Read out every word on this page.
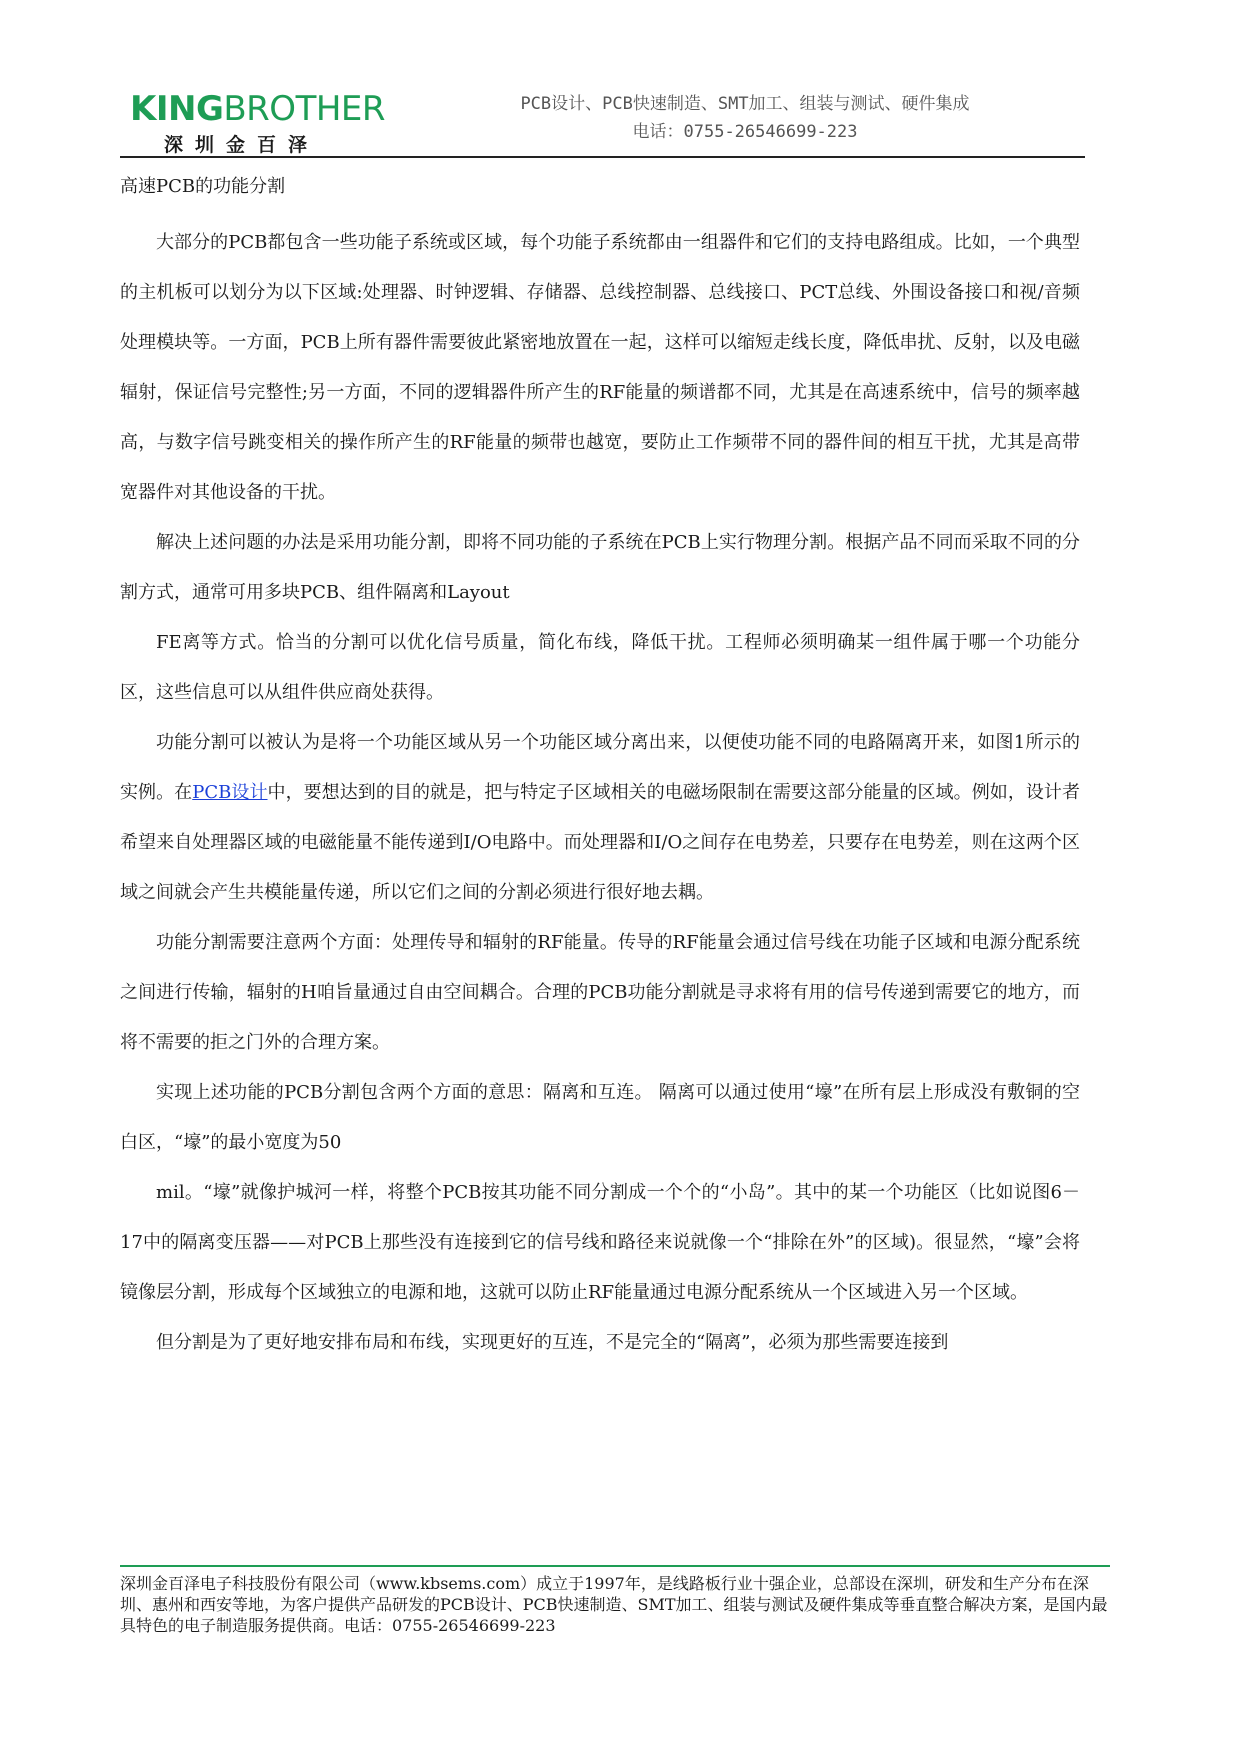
KINGBROTHER
深圳金百泽
PCB设计、PCB快速制造、SMT加工、组装与测试、硬件集成
电话：0755-26546699-223
高速PCB的功能分割

大部分的PCB都包含一些功能子系统或区域，每个功能子系统都由一组器件和它们的支持电路组成。比如，一个典型的主机板可以划分为以下区域:处理器、时钟逻辑、存储器、总线控制器、总线接口、PCT总线、外围设备接口和视/音频处理模块等。一方面，PCB上所有器件需要彼此紧密地放置在一起，这样可以缩短走线长度，降低串扰、反射，以及电磁辐射，保证信号完整性;另一方面，不同的逻辑器件所产生的RF能量的频谱都不同，尤其是在高速系统中，信号的频率越高，与数字信号跳变相关的操作所产生的RF能量的频带也越宽，要防止工作频带不同的器件间的相互干扰，尤其是高带宽器件对其他设备的干扰。

解决上述问题的办法是采用功能分割，即将不同功能的子系统在PCB上实行物理分割。根据产品不同而采取不同的分割方式，通常可用多块PCB、组件隔离和Layout

FE离等方式。恰当的分割可以优化信号质量，简化布线，降低干扰。工程师必须明确某一组件属于哪一个功能分区，这些信息可以从组件供应商处获得。

功能分割可以被认为是将一个功能区域从另一个功能区域分离出来，以便使功能不同的电路隔离开来，如图1所示的实例。在PCB设计中，要想达到的目的就是，把与特定子区域相关的电磁场限制在需要这部分能量的区域。例如，设计者希望来自处理器区域的电磁能量不能传递到I/O电路中。而处理器和I/O之间存在电势差，只要存在电势差，则在这两个区域之间就会产生共模能量传递，所以它们之间的分割必须进行很好地去耦。

功能分割需要注意两个方面：处理传导和辐射的RF能量。传导的RF能量会通过信号线在功能子区域和电源分配系统之间进行传输，辐射的H咱旨量通过自由空间耦合。合理的PCB功能分割就是寻求将有用的信号传递到需要它的地方，而将不需要的拒之门外的合理方案。

实现上述功能的PCB分割包含两个方面的意思：隔离和互连。 隔离可以通过使用“壕”在所有层上形成没有敷铜的空白区，“壕”的最小宽度为50

mil。“壕”就像护城河一样，将整个PCB按其功能不同分割成一个个的“小岛”。其中的某一个功能区（比如说图6－17中的隔离变压器——对PCB上那些没有连接到它的信号线和路径来说就像一个“排除在外”的区域)。很显然，“壕”会将镜像层分割，形成每个区域独立的电源和地，这就可以防止RF能量通过电源分配系统从一个区域进入另一个区域。

但分割是为了更好地安排布局和布线，实现更好的互连，不是完全的“隔离”，必须为那些需要连接到

深圳金百泽电子科技股份有限公司（www.kbsems.com）成立于1997年，是线路板行业十强企业，总部设在深圳，研发和生产分布在深圳、惠州和西安等地，为客户提供产品研发的PCB设计、PCB快速制造、SMT加工、组装与测试及硬件集成等垂直整合解决方案，是国内最具特色的电子制造服务提供商。电话：0755-26546699-223
